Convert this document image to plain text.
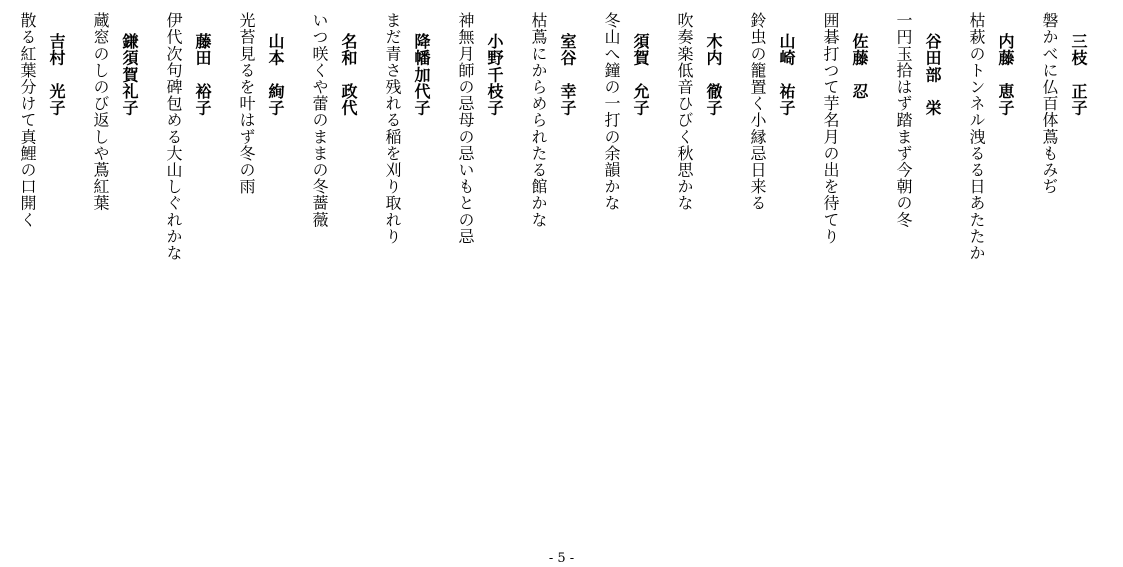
三枝　正子
磐かべに仏百体蔦もみぢ
内藤　恵子
枯萩のトンネル洩るる日あたたか
谷田部　栄
一円玉拾はず踏まず今朝の冬
佐藤　忍
囲碁打つて芋名月の出を待てり
山崎　祐子
鈴虫の籠置く小縁忌日来る
木内　徹子
吹奏楽低音ひびく秋思かな
須賀　允子
冬山へ鐘の一打の余韻かな
室谷　幸子
枯蔦にからめられたる館かな
小野千枝子
神無月師の忌母の忌いもとの忌
降幡加代子
まだ青さ残れる稲を刈り取れり
名和　政代
いつ咲くや蕾のままの冬薔薇
山本　絢子
光苔見るを叶はず冬の雨
藤田　裕子
伊代次句碑包める大山しぐれかな
鎌須賀礼子
蔵窓のしのび返しや蔦紅葉
吉村　光子
散る紅葉分けて真鯉の口開く
- 5 -
